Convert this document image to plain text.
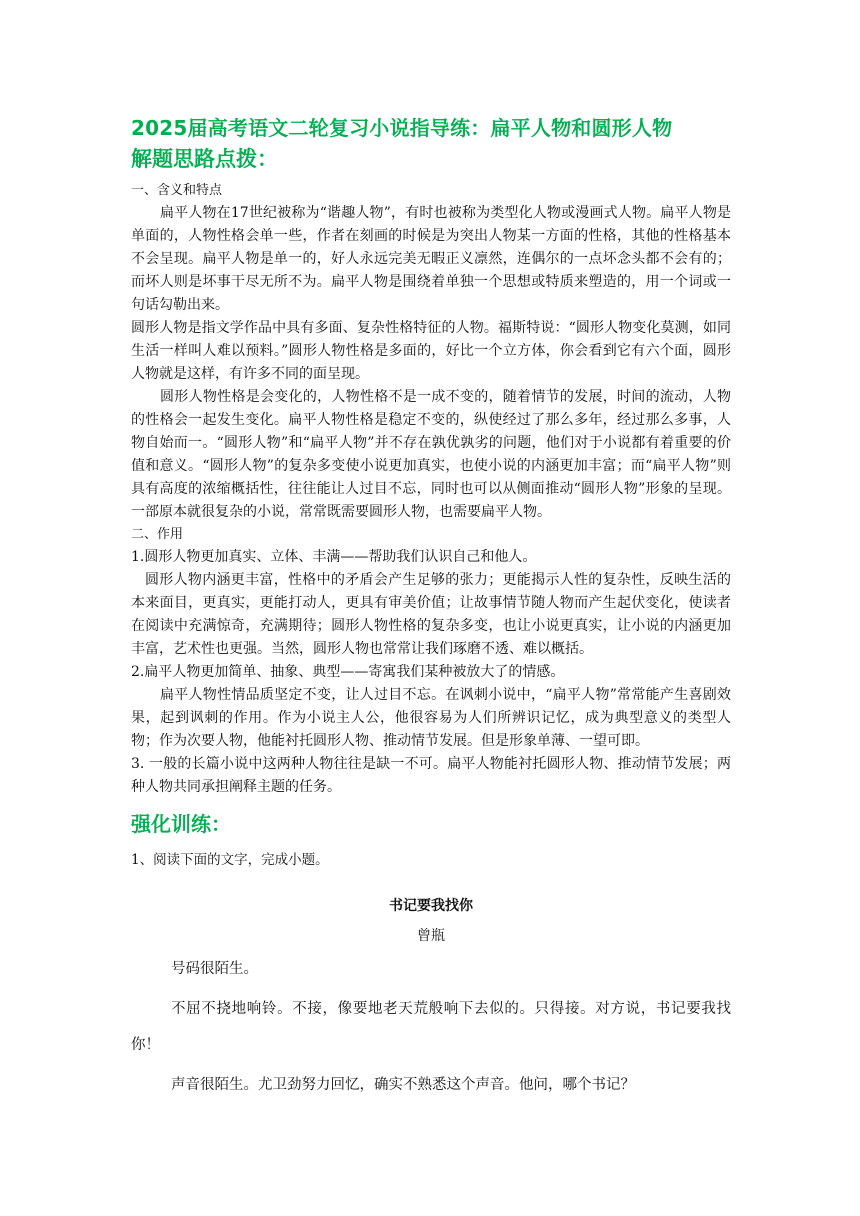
2025届高考语文二轮复习小说指导练：扁平人物和圆形人物
解题思路点拨：
一、含义和特点

扁平人物在17世纪被称为“谐趣人物”，有时也被称为类型化人物或漫画式人物。扁平人物是单面的，人物性格会单一些，作者在刻画的时候是为突出人物某一方面的性格，其他的性格基本不会呈现。扁平人物是单一的，好人永远完美无暇正义凛然，连偶尔的一点坏念头都不会有的；而坏人则是坏事干尽无所不为。扁平人物是围绕着单独一个思想或特质来塑造的，用一个词或一句话勾勒出来。

圆形人物是指文学作品中具有多面、复杂性格特征的人物。福斯特说：“圆形人物变化莫测，如同生活一样叫人难以预料。”圆形人物性格是多面的，好比一个立方体，你会看到它有六个面，圆形人物就是这样，有许多不同的面呈现。

圆形人物性格是会变化的，人物性格不是一成不变的，随着情节的发展，时间的流动，人物的性格会一起发生变化。扁平人物性格是稳定不变的，纵使经过了那么多年，经过那么多事，人物自始而一。“圆形人物”和“扁平人物”并不存在孰优孰劣的问题，他们对于小说都有着重要的价值和意义。“圆形人物”的复杂多变使小说更加真实，也使小说的内涵更加丰富；而“扁平人物”则具有高度的浓缩概括性，往往能让人过目不忘，同时也可以从侧面推动“圆形人物”形象的呈现。一部原本就很复杂的小说，常常既需要圆形人物，也需要扁平人物。

二、作用

1.圆形人物更加真实、立体、丰满——帮助我们认识自己和他人。

圆形人物内涵更丰富，性格中的矛盾会产生足够的张力；更能揭示人性的复杂性，反映生活的本来面目，更真实，更能打动人，更具有审美价值；让故事情节随人物而产生起伏变化，使读者在阅读中充满惊奇，充满期待；圆形人物性格的复杂多变，也让小说更真实，让小说的内涵更加丰富，艺术性也更强。当然，圆形人物也常常让我们琢磨不透、难以概括。

2.扁平人物更加简单、抽象、典型——寄寓我们某种被放大了的情感。

扁平人物性情品质坚定不变，让人过目不忘。在讽刺小说中，“扁平人物”常常能产生喜剧效果，起到讽刺的作用。作为小说主人公，他很容易为人们所辨识记忆，成为典型意义的类型人物；作为次要人物，他能衬托圆形人物、推动情节发展。但是形象单薄、一望可即。

3. 一般的长篇小说中这两种人物往往是缺一不可。扁平人物能衬托圆形人物、推动情节发展；两种人物共同承担阐释主题的任务。

强化训练：

1、阅读下面的文字，完成小题。

书记要我找你

曾瓶

号码很陌生。

不屈不挠地响铃。不接，像要地老天荒般响下去似的。只得接。对方说，书记要我找你！

声音很陌生。尤卫劲努力回忆，确实不熟悉这个声音。他问，哪个书记？
